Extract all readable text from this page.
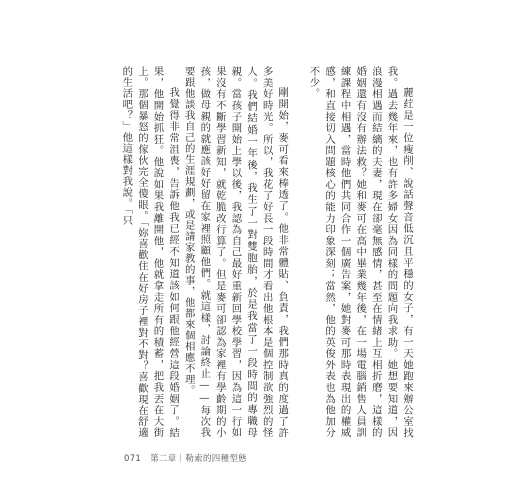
麗荭是一位瘦削、說話聲音低沉且平穩的女子，有一天她跑來辦公室找我。過去幾年來，也有許多婦女因為同樣的問題向我求助。她想要知道，因浪漫相遇而結縭的夫妻，現在卻毫無感情，甚至在情緒上互相折磨，這樣的婚姻還有沒有辦法救？她和麥可在高中畢業幾年後，在一場電腦銷售人員訓練課程中相遇，當時他們共同合作一個廣告案，她對麥可那時表現出的權威感，和直接切入問題核心的能力印象深刻；當然，他的英俊外表也為他加分不少。

剛開始，麥可看來棒透了。他非常體貼、負責，我們那時真的度過了許多美好時光。所以，我花了好長一段時間才看出他根本是個控制欲強烈的怪人。我們結婚一年後，我生了一對雙胞胎，於是我當了一段時間的專職母親。當孩子開始上學以後，我認為自己最好重新回學校學習，因為這一行如果沒有不斷學習新知，就乾脆改行算了。但是麥可卻認為家裡有學齡期的小孩，做母親的就應該好好留在家裡照顧他們。就這樣，討論終止——每次我要跟他談我自己的生涯規劃，或是請家教的事，他都來個相應不理。

我覺得非常沮喪，告訴他我已經不知道該如何跟他經營這段婚姻了。結果，他開始抓狂。他說如果我離開他，他就拿走所有的積蓄，把我丟在大街上。那個暴怒的傢伙完全傻眼。「妳喜歡住在好房子裡對不對？喜歡現在舒適的生活吧？」他這樣對我說。「只

071 第二章｜勒索的四種型態
